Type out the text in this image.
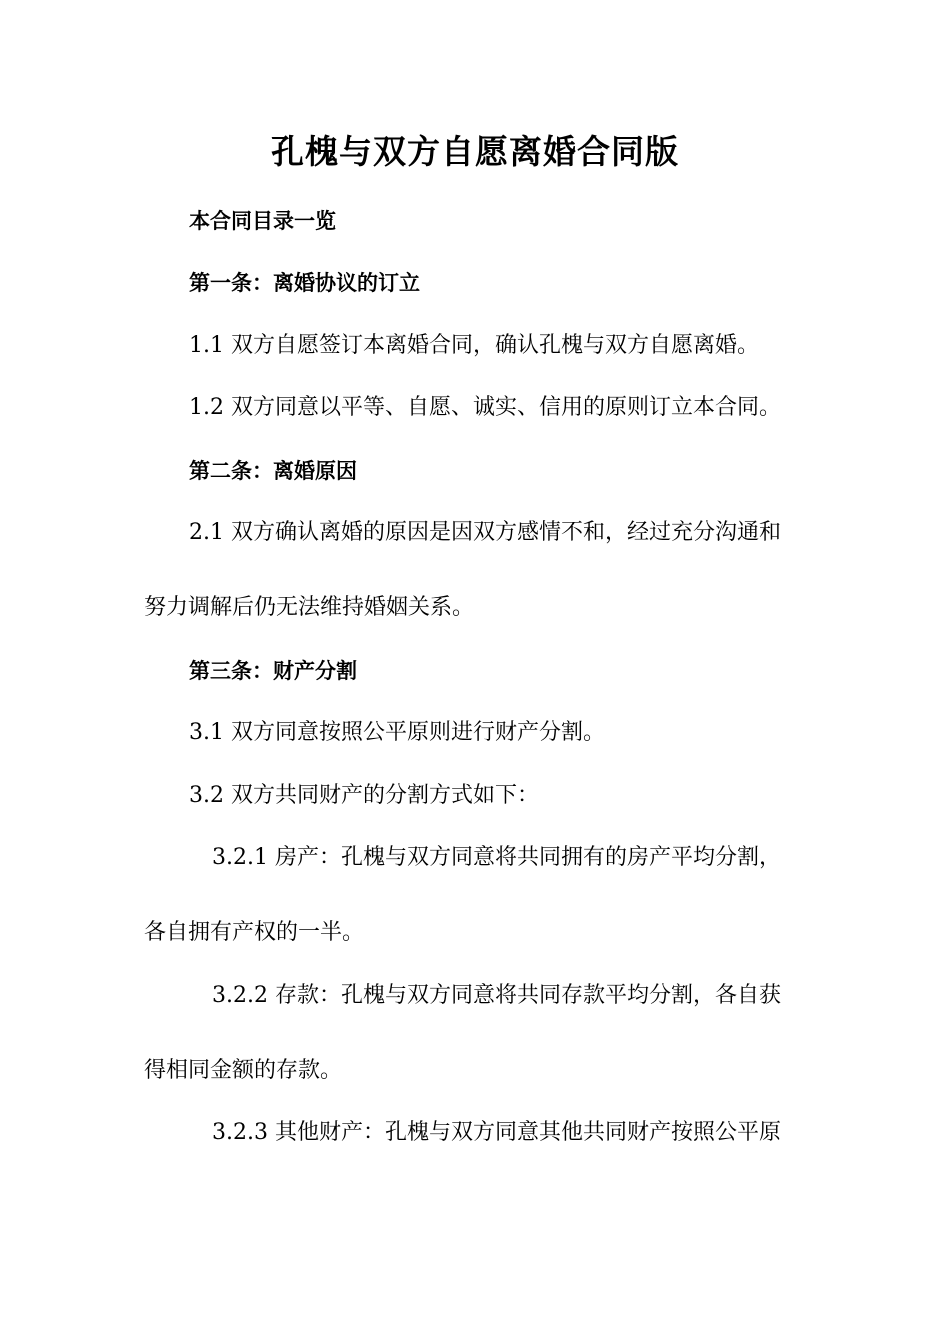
孔槐与双方自愿离婚合同版
本合同目录一览
第一条：离婚协议的订立
1.1 双方自愿签订本离婚合同，确认孔槐与双方自愿离婚。
1.2 双方同意以平等、自愿、诚实、信用的原则订立本合同。
第二条：离婚原因
2.1 双方确认离婚的原因是因双方感情不和，经过充分沟通和
努力调解后仍无法维持婚姻关系。
第三条：财产分割
3.1 双方同意按照公平原则进行财产分割。
3.2 双方共同财产的分割方式如下：
3.2.1 房产：孔槐与双方同意将共同拥有的房产平均分割，
各自拥有产权的一半。
3.2.2 存款：孔槐与双方同意将共同存款平均分割，各自获
得相同金额的存款。
3.2.3 其他财产：孔槐与双方同意其他共同财产按照公平原
